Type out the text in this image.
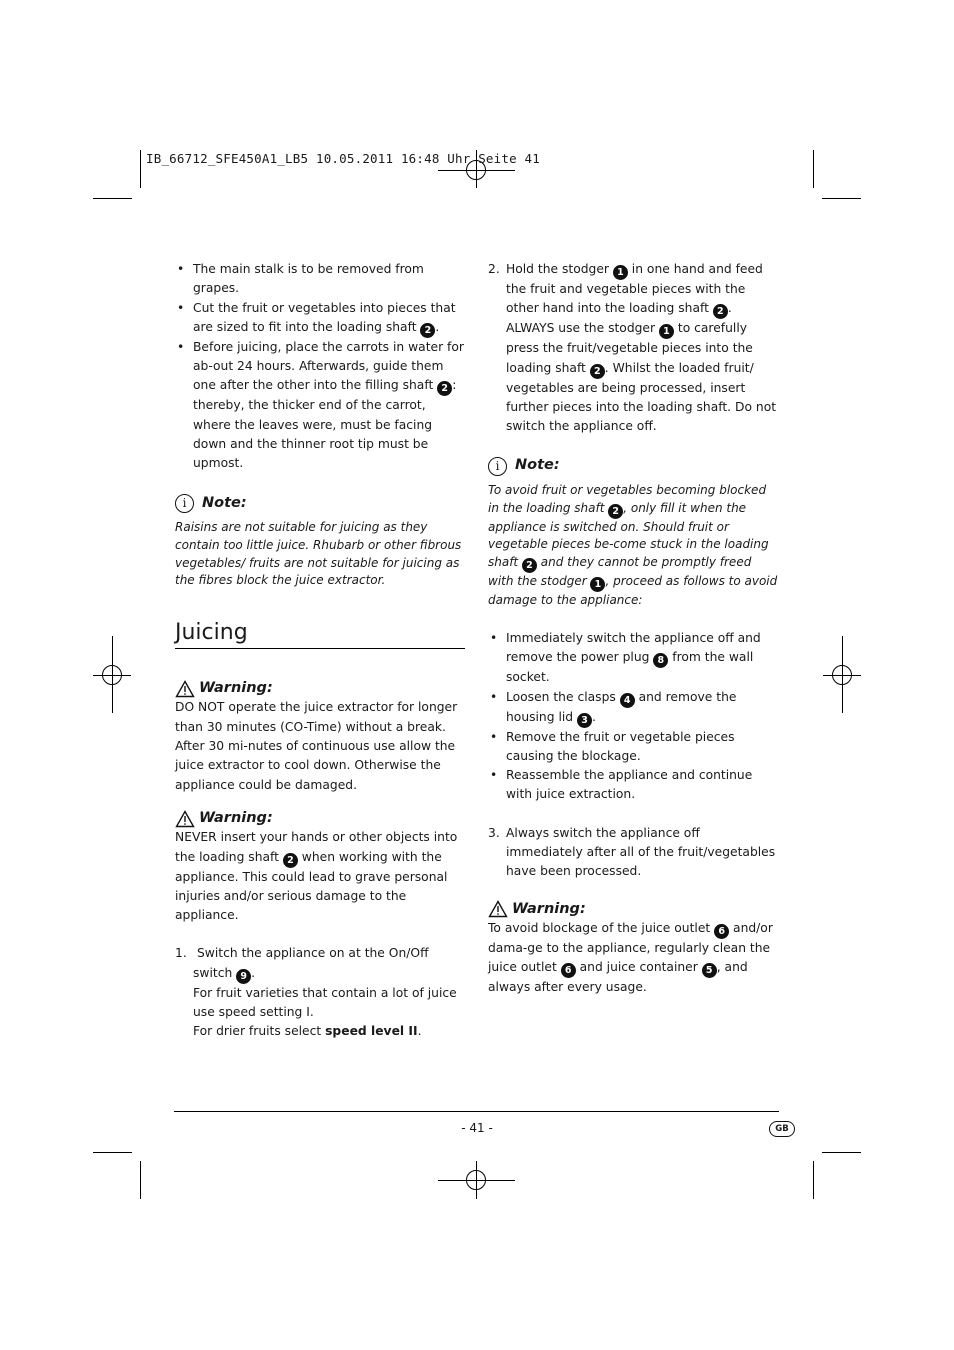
IB_66712_SFE450A1_LB5 10.05.2011 16:48 Uhr Seite 41
• The main stalk is to be removed from grapes.
• Cut the fruit or vegetables into pieces that are sized to fit into the loading shaft 2 .
• Before juicing, place the carrots in water for ab-out 24 hours. Afterwards, guide them one after the other into the filling shaft 2 : thereby, the thicker end of the carrot, where the leaves were, must be facing down and the thinner root tip must be upmost.
i	Note:
Raisins are not suitable for juicing as they contain too little juice. Rhubarb or other fibrous vegetables/ fruits are not suitable for juicing as the fibres block the juice extractor.
Juicing
Warning:
DO NOT operate the juice extractor for longer than 30 minutes (CO-Time) without a break. After 30 mi-nutes of continuous use allow the juice extractor to cool down. Otherwise the appliance could be damaged.
Warning:
NEVER insert your hands or other objects into the loading shaft 2 when working with the appliance. This could lead to grave personal injuries and/or serious damage to the appliance.
1. Switch the appliance on at the On/Off switch 9 .
For fruit varieties that contain a lot of juice use speed setting I.
For drier fruits select speed level II.
2. Hold the stodger 1 in one hand and feed the fruit and vegetable pieces with the other hand into the loading shaft 2 . ALWAYS use the stodger 1 to carefully press the fruit/vegetable pieces into the loading shaft 2 . Whilst the loaded fruit/ vegetables are being processed, insert further pieces into the loading shaft. Do not switch the appliance off.
i	Note:
To avoid fruit or vegetables becoming blocked in the loading shaft 2 , only fill it when the appliance is switched on. Should fruit or vegetable pieces be-come stuck in the loading shaft 2 and they cannot be promptly freed with the stodger 1 , proceed as follows to avoid damage to the appliance:
• Immediately switch the appliance off and remove the power plug 8 from the wall socket.
• Loosen the clasps 4 and remove the housing lid 3 .
• Remove the fruit or vegetable pieces causing the blockage.
• Reassemble the appliance and continue with juice extraction.
3. Always switch the appliance off immediately after all of the fruit/vegetables have been processed.
Warning:
To avoid blockage of the juice outlet 6 and/or dama-ge to the appliance, regularly clean the juice outlet 6 and juice container 5 , and always after every usage.
- 41 -	GB
